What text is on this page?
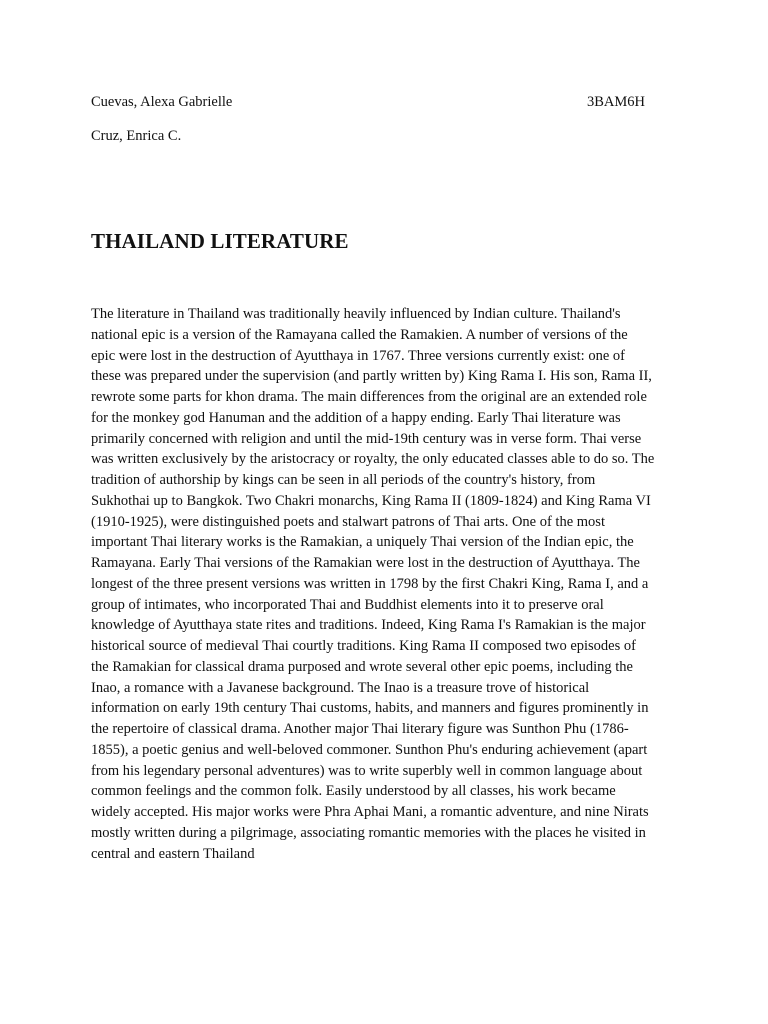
Cuevas, Alexa Gabrielle	3BAM6H
Cruz, Enrica C.
THAILAND LITERATURE

The literature in Thailand was traditionally heavily influenced by Indian culture. Thailand's
national epic is a version of the Ramayana called the Ramakien. A number of versions of the
epic were lost in the destruction of Ayutthaya in 1767. Three versions currently exist: one of
these was prepared under the supervision (and partly written by) King Rama I. His son, Rama II,
rewrote some parts for khon drama. The main differences from the original are an extended role
for the monkey god Hanuman and the addition of a happy ending. Early Thai literature was
primarily concerned with religion and until the mid-19th century was in verse form. Thai verse
was written exclusively by the aristocracy or royalty, the only educated classes able to do so. The
tradition of authorship by kings can be seen in all periods of the country's history, from
Sukhothai up to Bangkok. Two Chakri monarchs, King Rama II (1809-1824) and King Rama VI
(1910-1925), were distinguished poets and stalwart patrons of Thai arts. One of the most
important Thai literary works is the Ramakian, a uniquely Thai version of the Indian epic, the
Ramayana. Early Thai versions of the Ramakian were lost in the destruction of Ayutthaya. The
longest of the three present versions was written in 1798 by the first Chakri King, Rama I, and a
group of intimates, who incorporated Thai and Buddhist elements into it to preserve oral
knowledge of Ayutthaya state rites and traditions. Indeed, King Rama I's Ramakian is the major
historical source of medieval Thai courtly traditions. King Rama II composed two episodes of
the Ramakian for classical drama purposed and wrote several other epic poems, including the
Inao, a romance with a Javanese background. The Inao is a treasure trove of historical
information on early 19th century Thai customs, habits, and manners and figures prominently in
the repertoire of classical drama. Another major Thai literary figure was Sunthon Phu (1786-
1855), a poetic genius and well-beloved commoner. Sunthon Phu's enduring achievement (apart
from his legendary personal adventures) was to write superbly well in common language about
common feelings and the common folk. Easily understood by all classes, his work became
widely accepted. His major works were Phra Aphai Mani, a romantic adventure, and nine Nirats
mostly written during a pilgrimage, associating romantic memories with the places he visited in
central and eastern Thailand
